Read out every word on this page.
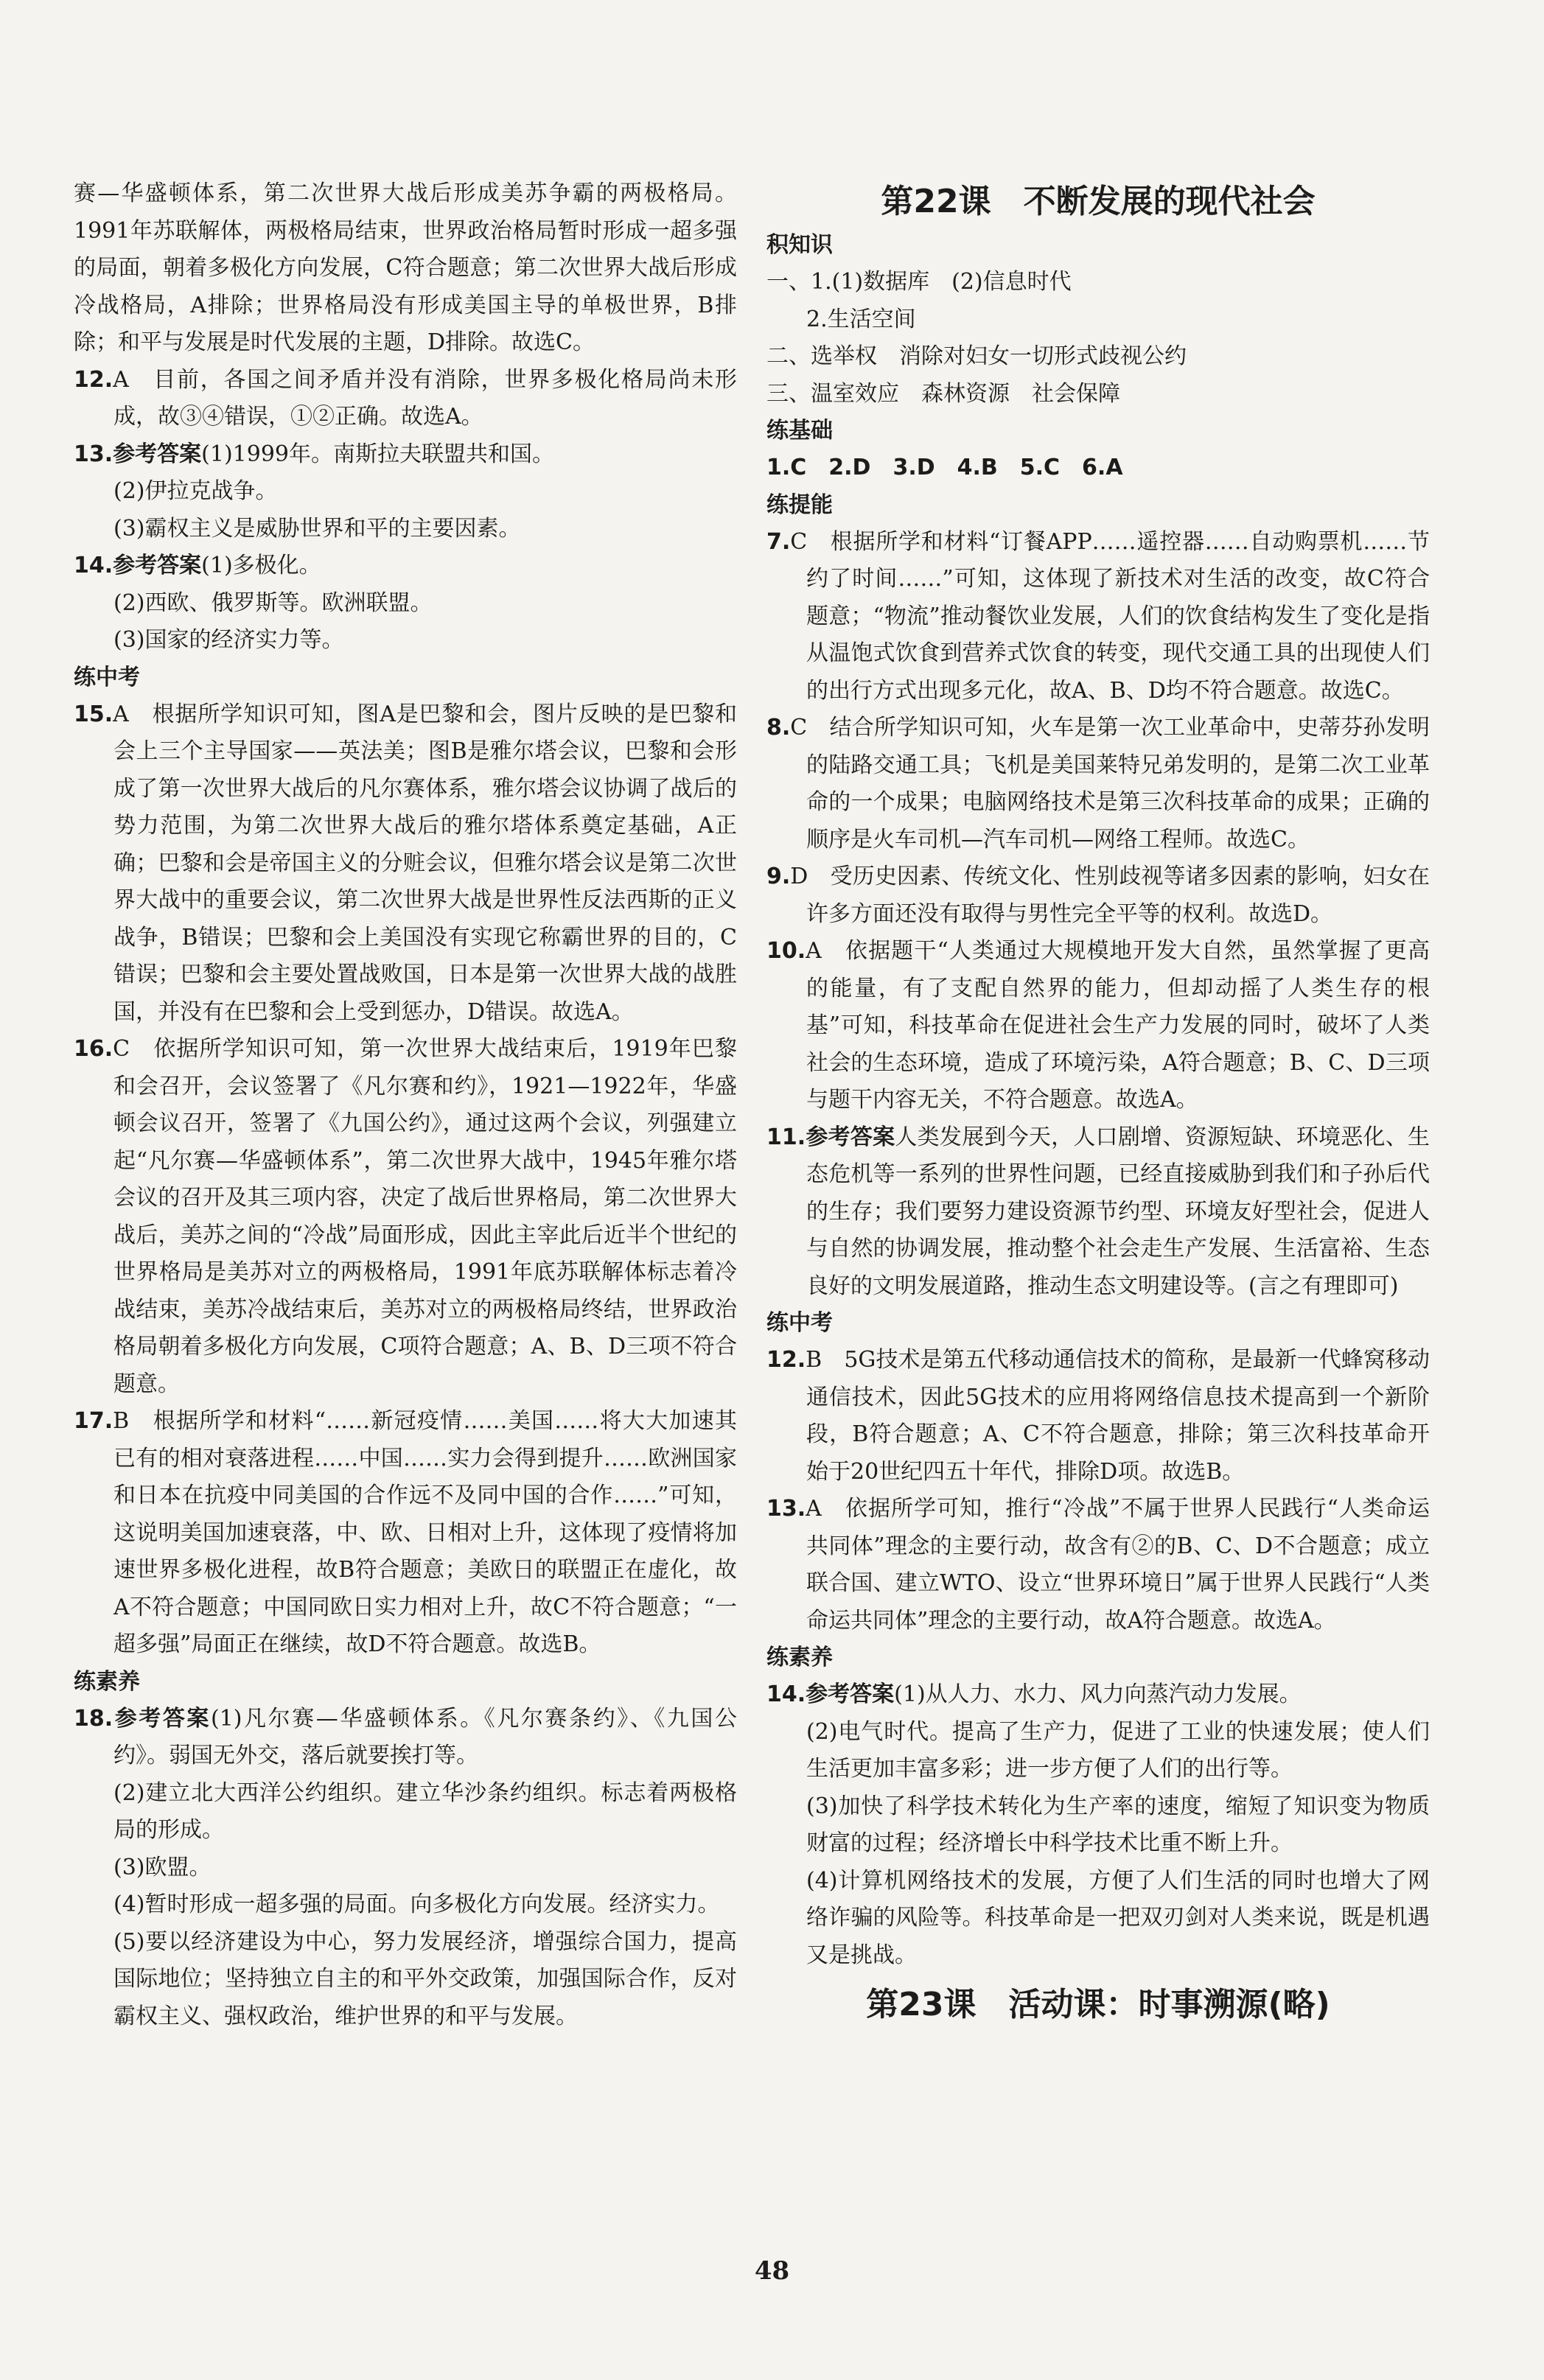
赛—华盛顿体系，第二次世界大战后形成美苏争霸的两极格局。1991年苏联解体，两极格局结束，世界政治格局暂时形成一超多强的局面，朝着多极化方向发展，C符合题意；第二次世界大战后形成冷战格局，A排除；世界格局没有形成美国主导的单极世界，B排除；和平与发展是时代发展的主题，D排除。故选C。

12.A　目前，各国之间矛盾并没有消除，世界多极化格局尚未形成，故③④错误，①②正确。故选A。

13.参考答案(1)1999年。南斯拉夫联盟共和国。

(2)伊拉克战争。

(3)霸权主义是威胁世界和平的主要因素。

14.参考答案(1)多极化。

(2)西欧、俄罗斯等。欧洲联盟。

(3)国家的经济实力等。

练中考

15.A　根据所学知识可知，图A是巴黎和会，图片反映的是巴黎和会上三个主导国家——英法美；图B是雅尔塔会议，巴黎和会形成了第一次世界大战后的凡尔赛体系，雅尔塔会议协调了战后的势力范围，为第二次世界大战后的雅尔塔体系奠定基础，A正确；巴黎和会是帝国主义的分赃会议，但雅尔塔会议是第二次世界大战中的重要会议，第二次世界大战是世界性反法西斯的正义战争，B错误；巴黎和会上美国没有实现它称霸世界的目的，C错误；巴黎和会主要处置战败国，日本是第一次世界大战的战胜国，并没有在巴黎和会上受到惩办，D错误。故选A。

16.C　依据所学知识可知，第一次世界大战结束后，1919年巴黎和会召开，会议签署了《凡尔赛和约》，1921—1922年，华盛顿会议召开，签署了《九国公约》，通过这两个会议，列强建立起“凡尔赛—华盛顿体系”，第二次世界大战中，1945年雅尔塔会议的召开及其三项内容，决定了战后世界格局，第二次世界大战后，美苏之间的“冷战”局面形成，因此主宰此后近半个世纪的世界格局是美苏对立的两极格局，1991年底苏联解体标志着冷战结束，美苏冷战结束后，美苏对立的两极格局终结，世界政治格局朝着多极化方向发展，C项符合题意；A、B、D三项不符合题意。

17.B　根据所学和材料“……新冠疫情……美国……将大大加速其已有的相对衰落进程……中国……实力会得到提升……欧洲国家和日本在抗疫中同美国的合作远不及同中国的合作……”可知，这说明美国加速衰落，中、欧、日相对上升，这体现了疫情将加速世界多极化进程，故B符合题意；美欧日的联盟正在虚化，故A不符合题意；中国同欧日实力相对上升，故C不符合题意；“一超多强”局面正在继续，故D不符合题意。故选B。

练素养

18.参考答案(1)凡尔赛—华盛顿体系。《凡尔赛条约》、《九国公约》。弱国无外交，落后就要挨打等。

(2)建立北大西洋公约组织。建立华沙条约组织。标志着两极格局的形成。

(3)欧盟。

(4)暂时形成一超多强的局面。向多极化方向发展。经济实力。

(5)要以经济建设为中心，努力发展经济，增强综合国力，提高国际地位；坚持独立自主的和平外交政策，加强国际合作，反对霸权主义、强权政治，维护世界的和平与发展。

第22课　不断发展的现代社会

积知识

一、1.(1)数据库　(2)信息时代

2.生活空间

二、选举权　消除对妇女一切形式歧视公约

三、温室效应　森林资源　社会保障

练基础

1.C　2.D　3.D　4.B　5.C　6.A

练提能

7.C　根据所学和材料“订餐APP……遥控器……自动购票机……节约了时间……”可知，这体现了新技术对生活的改变，故C符合题意；“物流”推动餐饮业发展，人们的饮食结构发生了变化是指从温饱式饮食到营养式饮食的转变，现代交通工具的出现使人们的出行方式出现多元化，故A、B、D均不符合题意。故选C。

8.C　结合所学知识可知，火车是第一次工业革命中，史蒂芬孙发明的陆路交通工具；飞机是美国莱特兄弟发明的，是第二次工业革命的一个成果；电脑网络技术是第三次科技革命的成果；正确的顺序是火车司机—汽车司机—网络工程师。故选C。

9.D　受历史因素、传统文化、性别歧视等诸多因素的影响，妇女在许多方面还没有取得与男性完全平等的权利。故选D。

10.A　依据题干“人类通过大规模地开发大自然，虽然掌握了更高的能量，有了支配自然界的能力，但却动摇了人类生存的根基”可知，科技革命在促进社会生产力发展的同时，破坏了人类社会的生态环境，造成了环境污染，A符合题意；B、C、D三项与题干内容无关，不符合题意。故选A。

11.参考答案人类发展到今天，人口剧增、资源短缺、环境恶化、生态危机等一系列的世界性问题，已经直接威胁到我们和子孙后代的生存；我们要努力建设资源节约型、环境友好型社会，促进人与自然的协调发展，推动整个社会走生产发展、生活富裕、生态良好的文明发展道路，推动生态文明建设等。(言之有理即可)

练中考

12.B　5G技术是第五代移动通信技术的简称，是最新一代蜂窝移动通信技术，因此5G技术的应用将网络信息技术提高到一个新阶段，B符合题意；A、C不符合题意，排除；第三次科技革命开始于20世纪四五十年代，排除D项。故选B。

13.A　依据所学可知，推行“冷战”不属于世界人民践行“人类命运共同体”理念的主要行动，故含有②的B、C、D不合题意；成立联合国、建立WTO、设立“世界环境日”属于世界人民践行“人类命运共同体”理念的主要行动，故A符合题意。故选A。

练素养

14.参考答案(1)从人力、水力、风力向蒸汽动力发展。

(2)电气时代。提高了生产力，促进了工业的快速发展；使人们生活更加丰富多彩；进一步方便了人们的出行等。

(3)加快了科学技术转化为生产率的速度，缩短了知识变为物质财富的过程；经济增长中科学技术比重不断上升。

(4)计算机网络技术的发展，方便了人们生活的同时也增大了网络诈骗的风险等。科技革命是一把双刃剑对人类来说，既是机遇又是挑战。

第23课　活动课：时事溯源(略)

48
